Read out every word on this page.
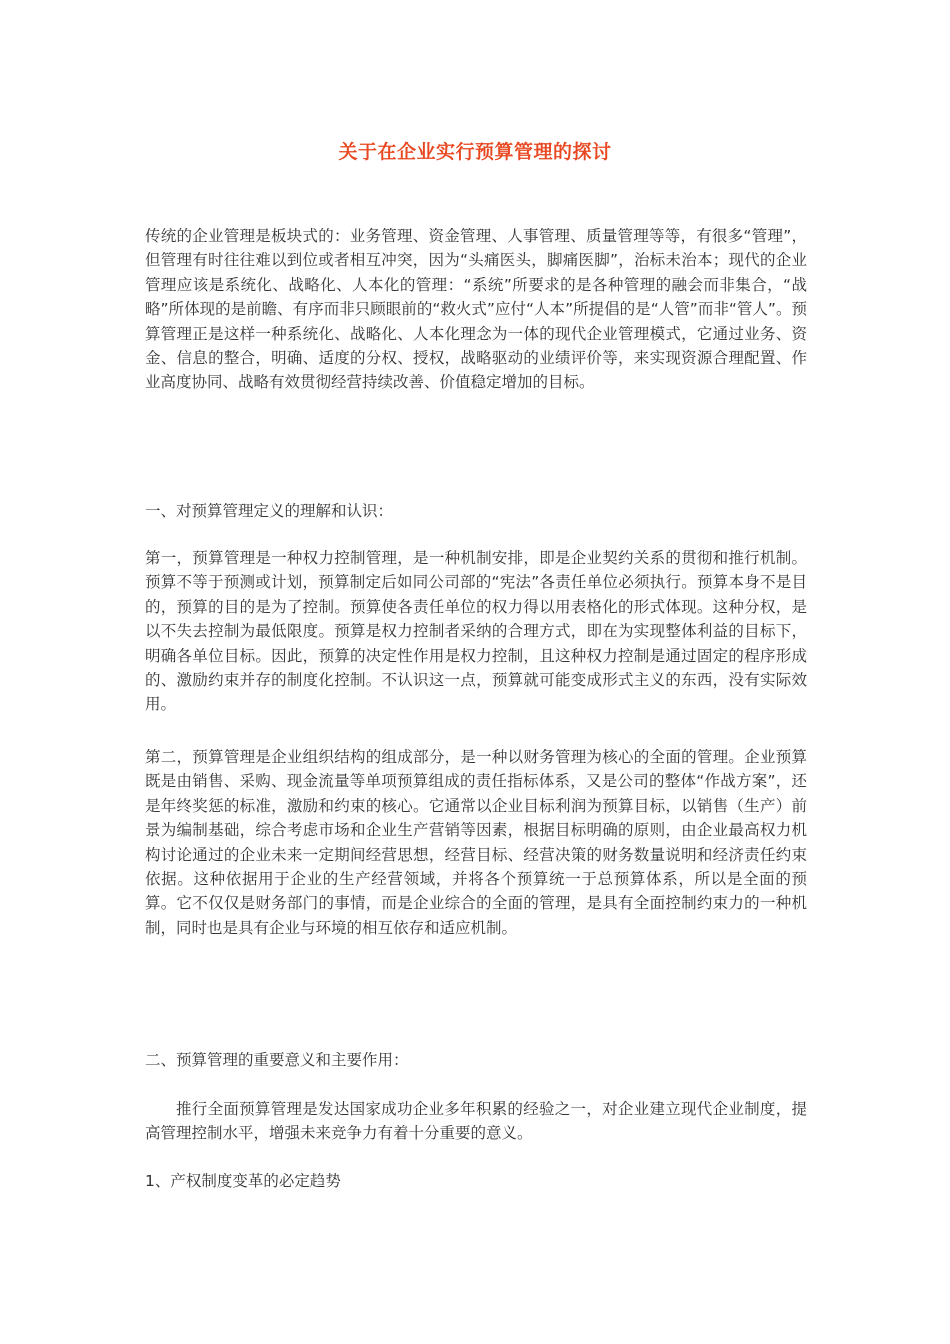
关于在企业实行预算管理的探讨

传统的企业管理是板块式的：业务管理、资金管理、人事管理、质量管理等等，有很多“管理”，但管理有时往往难以到位或者相互冲突，因为“头痛医头，脚痛医脚”，治标未治本；现代的企业管理应该是系统化、战略化、人本化的管理：“系统”所要求的是各种管理的融会而非集合，“战略”所体现的是前瞻、有序而非只顾眼前的“救火式”应付“人本”所提倡的是“人管”而非“管人”。预算管理正是这样一种系统化、战略化、人本化理念为一体的现代企业管理模式，它通过业务、资金、信息的整合，明确、适度的分权、授权，战略驱动的业绩评价等，来实现资源合理配置、作业高度协同、战略有效贯彻经营持续改善、价值稳定增加的目标。

一、对预算管理定义的理解和认识：

第一，预算管理是一种权力控制管理，是一种机制安排，即是企业契约关系的贯彻和推行机制。预算不等于预测或计划，预算制定后如同公司部的“宪法”各责任单位必须执行。预算本身不是目的，预算的目的是为了控制。预算使各责任单位的权力得以用表格化的形式体现。这种分权，是以不失去控制为最低限度。预算是权力控制者采纳的合理方式，即在为实现整体利益的目标下，明确各单位目标。因此，预算的决定性作用是权力控制，且这种权力控制是通过固定的程序形成的、激励约束并存的制度化控制。不认识这一点，预算就可能变成形式主义的东西，没有实际效用。

第二，预算管理是企业组织结构的组成部分，是一种以财务管理为核心的全面的管理。企业预算既是由销售、采购、现金流量等单项预算组成的责任指标体系，又是公司的整体“作战方案”，还是年终奖惩的标准，激励和约束的核心。它通常以企业目标利润为预算目标，以销售（生产）前景为编制基础，综合考虑市场和企业生产营销等因素，根据目标明确的原则，由企业最高权力机构讨论通过的企业未来一定期间经营思想，经营目标、经营决策的财务数量说明和经济责任约束依据。这种依据用于企业的生产经营领域，并将各个预算统一于总预算体系，所以是全面的预算。它不仅仅是财务部门的事情，而是企业综合的全面的管理，是具有全面控制约束力的一种机制，同时也是具有企业与环境的相互依存和适应机制。

二、预算管理的重要意义和主要作用：

推行全面预算管理是发达国家成功企业多年积累的经验之一，对企业建立现代企业制度，提高管理控制水平，增强未来竞争力有着十分重要的意义。

1、产权制度变革的必定趋势
